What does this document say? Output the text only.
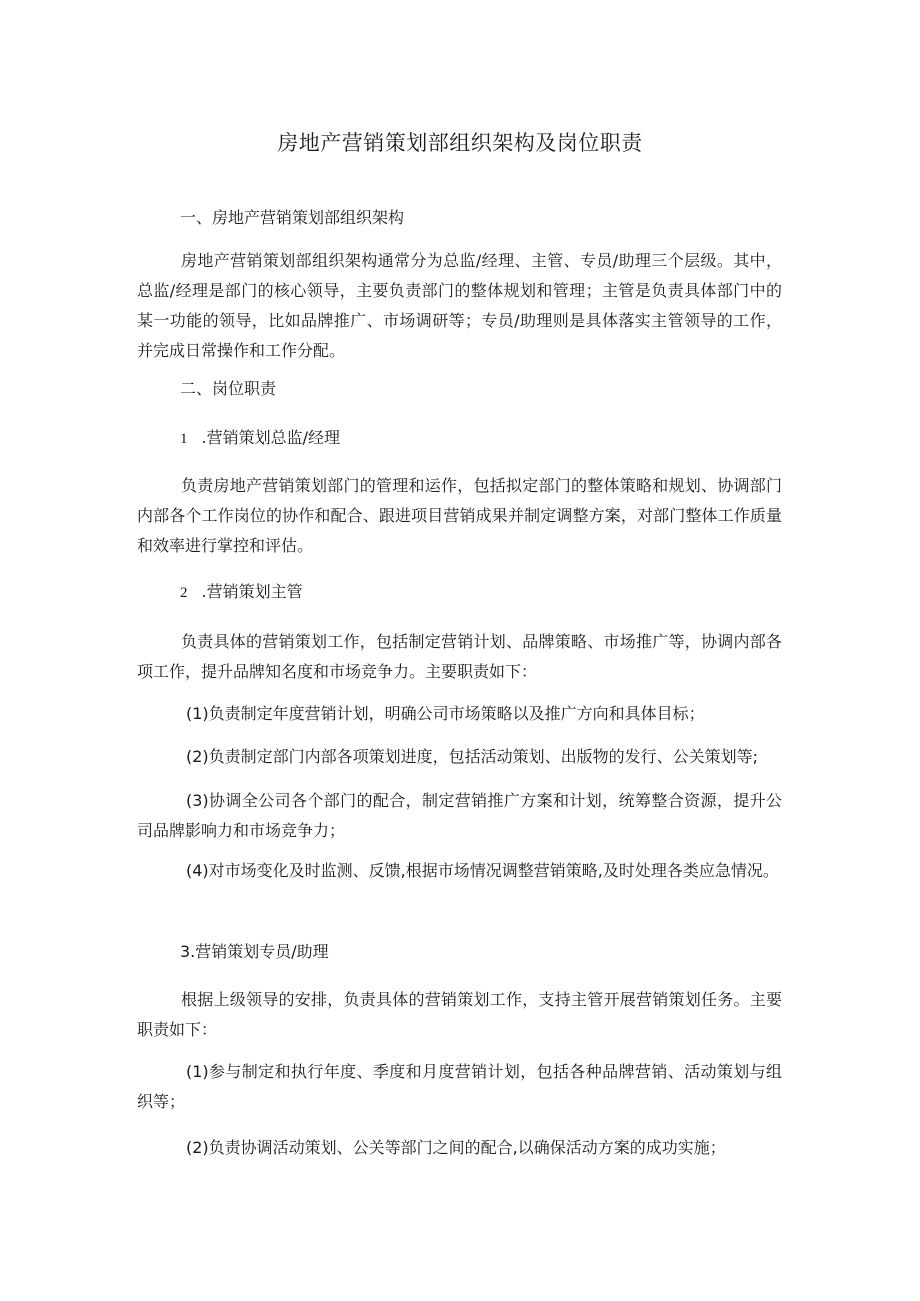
房地产营销策划部组织架构及岗位职责
一、房地产营销策划部组织架构

房地产营销策划部组织架构通常分为总监/经理、主管、专员/助理三个层级。其中，总监/经理是部门的核心领导，主要负责部门的整体规划和管理；主管是负责具体部门中的某一功能的领导，比如品牌推广、市场调研等；专员/助理则是具体落实主管领导的工作，并完成日常操作和工作分配。

二、岗位职责
1 .营销策划总监/经理

负责房地产营销策划部门的管理和运作，包括拟定部门的整体策略和规划、协调部门内部各个工作岗位的协作和配合、跟进项目营销成果并制定调整方案，对部门整体工作质量和效率进行掌控和评估。

2 .营销策划主管

负责具体的营销策划工作，包括制定营销计划、品牌策略、市场推广等，协调内部各项工作，提升品牌知名度和市场竞争力。主要职责如下：

(1)负责制定年度营销计划，明确公司市场策略以及推广方向和具体目标；

(2)负责制定部门内部各项策划进度，包括活动策划、出版物的发行、公关策划等;

(3)协调全公司各个部门的配合，制定营销推广方案和计划，统筹整合资源，提升公司品牌影响力和市场竞争力；

(4)对市场变化及时监测、反馈,根据市场情况调整营销策略,及时处理各类应急情况。

3.营销策划专员/助理

根据上级领导的安排，负责具体的营销策划工作，支持主管开展营销策划任务。主要职责如下：

(1)参与制定和执行年度、季度和月度营销计划，包括各种品牌营销、活动策划与组织等；

(2)负责协调活动策划、公关等部门之间的配合,以确保活动方案的成功实施；
